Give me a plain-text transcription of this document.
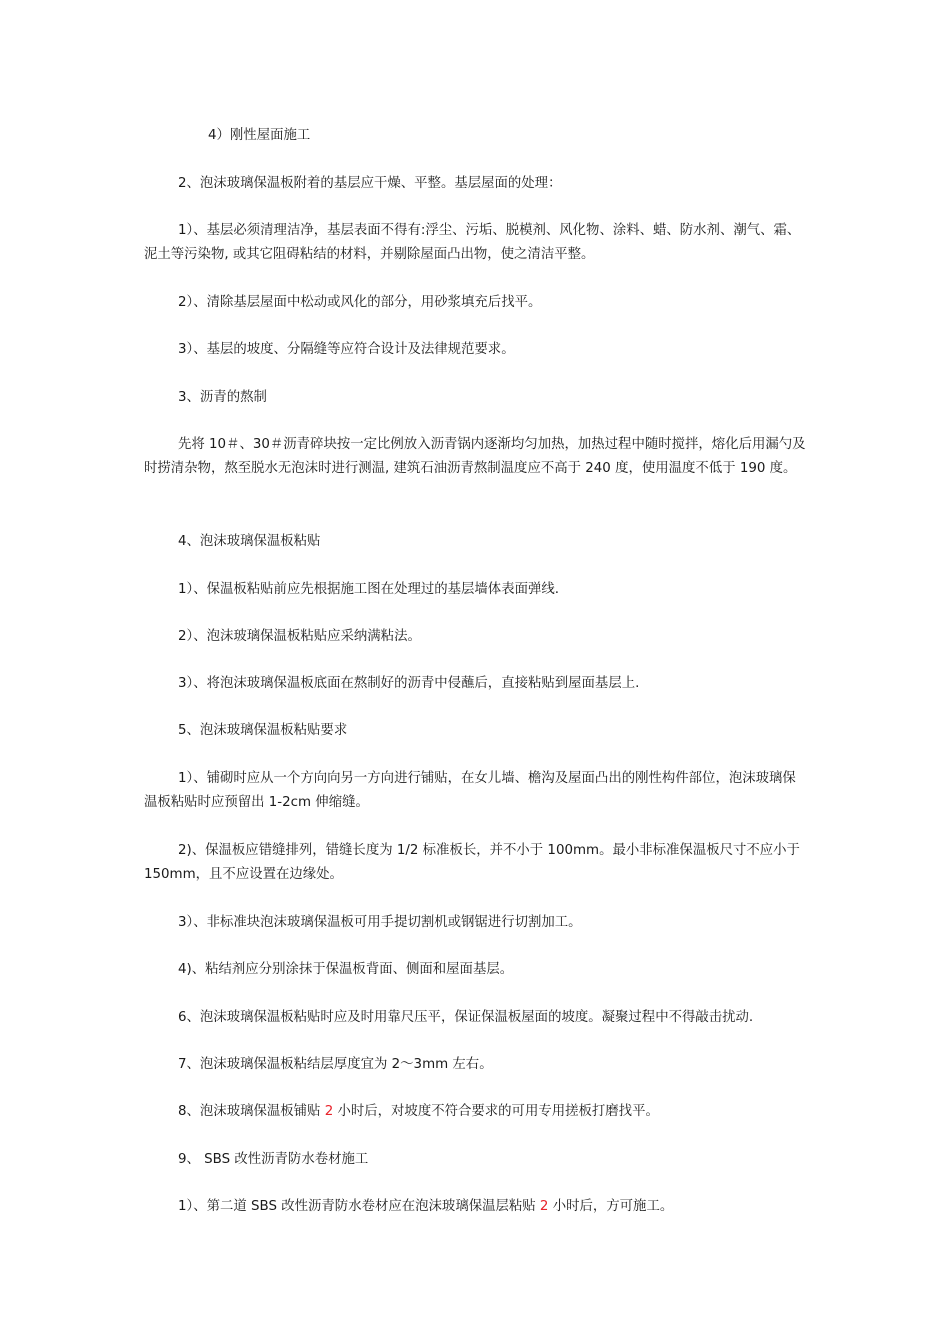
4）刚性屋面施工

2、泡沫玻璃保温板附着的基层应干燥、平整。基层屋面的处理：

1）、基层必须清理洁净，基层表面不得有:浮尘、污垢、脱模剂、风化物、涂料、蜡、防水剂、潮气、霜、泥土等污染物, 或其它阻碍粘结的材料，并剔除屋面凸出物，使之清洁平整。

2）、清除基层屋面中松动或风化的部分，用砂浆填充后找平。

3）、基层的坡度、分隔缝等应符合设计及法律规范要求。

3、沥青的熬制

先将 10＃、30＃沥青碎块按一定比例放入沥青锅内逐渐均匀加热，加热过程中随时搅拌，熔化后用漏勺及时捞清杂物，熬至脱水无泡沫时进行测温, 建筑石油沥青熬制温度应不高于 240 度，使用温度不低于 190 度。

4、泡沫玻璃保温板粘贴

1）、保温板粘贴前应先根据施工图在处理过的基层墙体表面弹线.

2）、泡沫玻璃保温板粘贴应采纳满粘法。

3）、将泡沫玻璃保温板底面在熬制好的沥青中侵蘸后，直接粘贴到屋面基层上.

5、泡沫玻璃保温板粘贴要求

1）、铺砌时应从一个方向向另一方向进行铺贴，在女儿墙、檐沟及屋面凸出的刚性构件部位，泡沫玻璃保温板粘贴时应预留出 1-2cm 伸缩缝。

2)、保温板应错缝排列，错缝长度为 1/2 标准板长，并不小于 100mm。最小非标准保温板尺寸不应小于 150mm，且不应设置在边缘处。

3）、非标准块泡沫玻璃保温板可用手提切割机或钢锯进行切割加工。

4)、粘结剂应分别涂抹于保温板背面、侧面和屋面基层。

6、泡沫玻璃保温板粘贴时应及时用靠尺压平，保证保温板屋面的坡度。凝聚过程中不得敲击扰动.

7、泡沫玻璃保温板粘结层厚度宜为 2～3mm 左右。

8、泡沫玻璃保温板铺贴 2 小时后，对坡度不符合要求的可用专用搓板打磨找平。

9、 SBS 改性沥青防水卷材施工

1）、第二道 SBS 改性沥青防水卷材应在泡沫玻璃保温层粘贴 2 小时后，方可施工。
